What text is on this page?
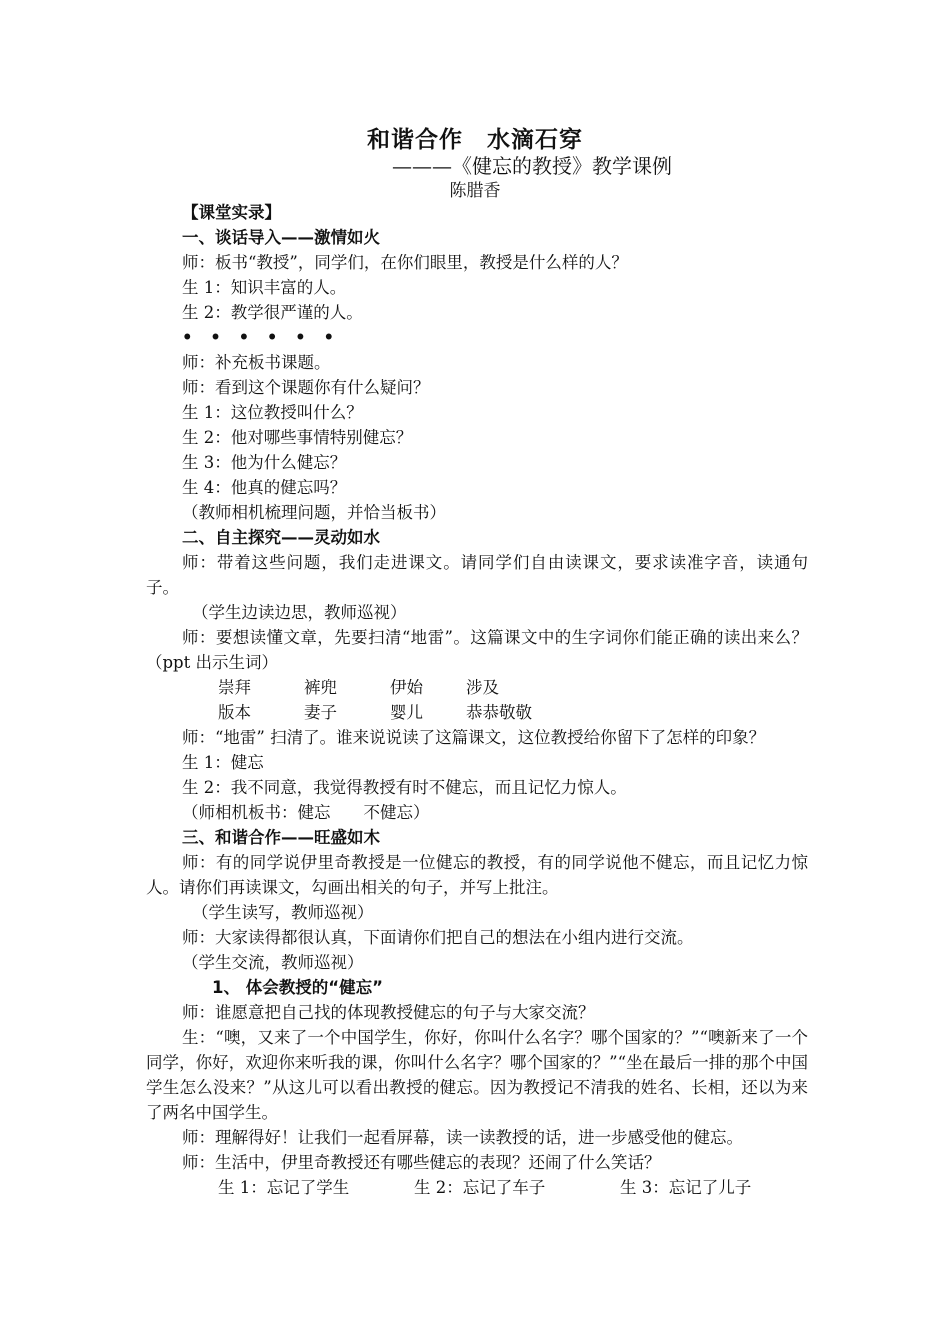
和谐合作　水滴石穿
———《健忘的教授》教学课例
陈腊香

【课堂实录】

一、谈话导入——激情如火

师：板书“教授”，同学们，在你们眼里，教授是什么样的人？

生 1：知识丰富的人。

生 2：教学很严谨的人。

• • • • • •

师：补充板书课题。

师：看到这个课题你有什么疑问？

生 1：这位教授叫什么？

生 2：他对哪些事情特别健忘？

生 3：他为什么健忘？

生 4：他真的健忘吗？

（教师相机梳理问题，并恰当板书）

二、自主探究——灵动如水

师：带着这些问题，我们走进课文。请同学们自由读课文，要求读准字音，读通句子。

（学生边读边思，教师巡视）

师：要想读懂文章，先要扫清“地雷”。这篇课文中的生字词你们能正确的读出来么？（ppt 出示生词）

崇拜	裤兜	伊始	涉及

版本	妻子	婴儿	恭恭敬敬

师：“地雷” 扫清了。谁来说说读了这篇课文，这位教授给你留下了怎样的印象？

生 1：健忘

生 2：我不同意，我觉得教授有时不健忘，而且记忆力惊人。

（师相机板书：健忘　　不健忘）

三、和谐合作——旺盛如木

师：有的同学说伊里奇教授是一位健忘的教授，有的同学说他不健忘，而且记忆力惊人。请你们再读课文，勾画出相关的句子，并写上批注。

（学生读写，教师巡视）

师：大家读得都很认真，下面请你们把自己的想法在小组内进行交流。

（学生交流，教师巡视）

1、 体会教授的“健忘”

师：谁愿意把自己找的体现教授健忘的句子与大家交流？

生：“噢，又来了一个中国学生，你好，你叫什么名字？哪个国家的？”“噢新来了一个同学，你好，欢迎你来听我的课，你叫什么名字？哪个国家的？”“坐在最后一排的那个中国学生怎么没来？”从这儿可以看出教授的健忘。因为教授记不清我的姓名、长相，还以为来了两名中国学生。

师：理解得好！让我们一起看屏幕，读一读教授的话，进一步感受他的健忘。

师：生活中，伊里奇教授还有哪些健忘的表现？还闹了什么笑话？

生 1：忘记了学生	生 2：忘记了车子	生 3：忘记了儿子
